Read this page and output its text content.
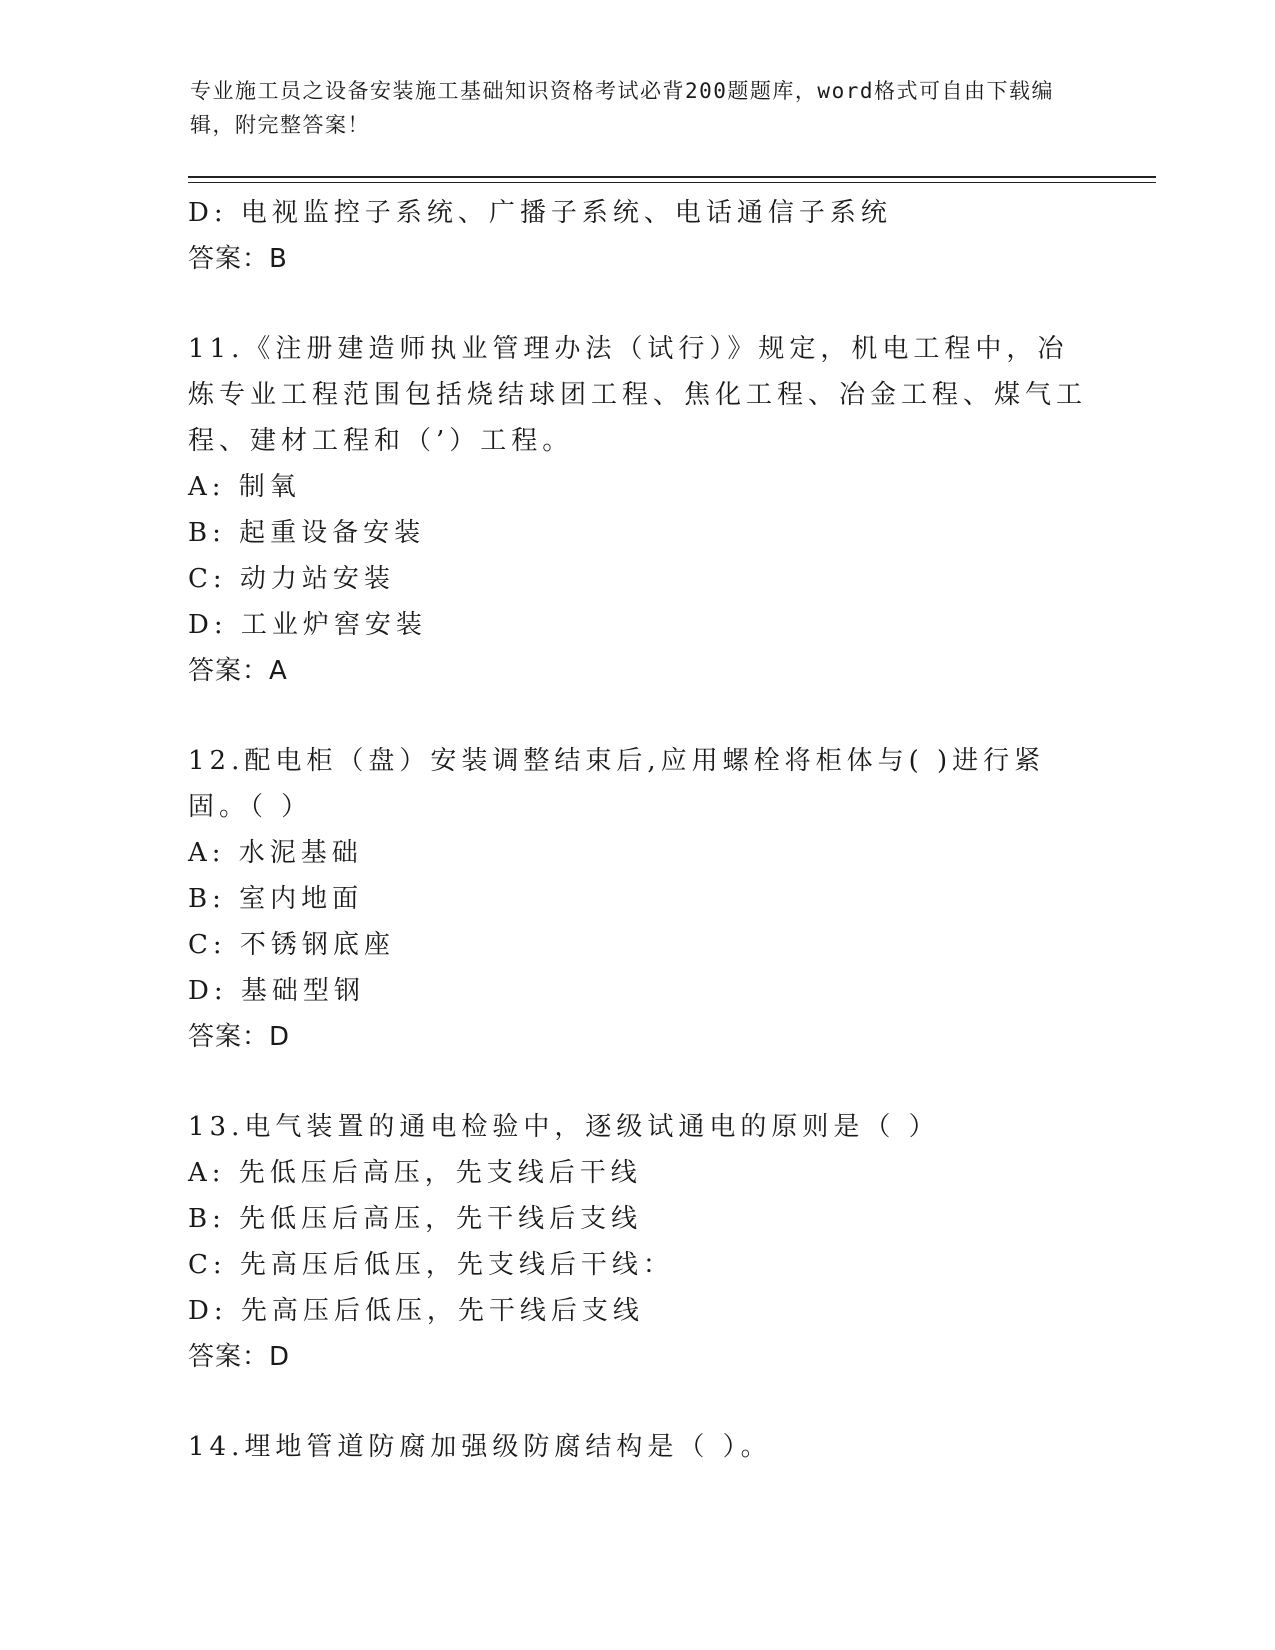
专业施工员之设备安装施工基础知识资格考试必背200题题库，word格式可自由下载编辑，附完整答案！
D: 电视监控子系统、广播子系统、电话通信子系统
答案：B
11.《注册建造师执业管理办法（试行）》规定，机电工程中，冶炼专业工程范围包括烧结球团工程、焦化工程、冶金工程、煤气工程、建材工程和（’）工程。
A: 制氧
B: 起重设备安装
C: 动力站安装
D: 工业炉窖安装
答案：A
12.配电柜（盘）安装调整结束后,应用螺栓将柜体与( )进行紧固。（ ）
A: 水泥基础
B: 室内地面
C: 不锈钢底座
D: 基础型钢
答案：D
13.电气装置的通电检验中，逐级试通电的原则是（ ）
A: 先低压后高压，先支线后干线
B: 先低压后高压，先干线后支线
C: 先高压后低压，先支线后干线：
D: 先高压后低压，先干线后支线
答案：D
14.埋地管道防腐加强级防腐结构是（ ）。
